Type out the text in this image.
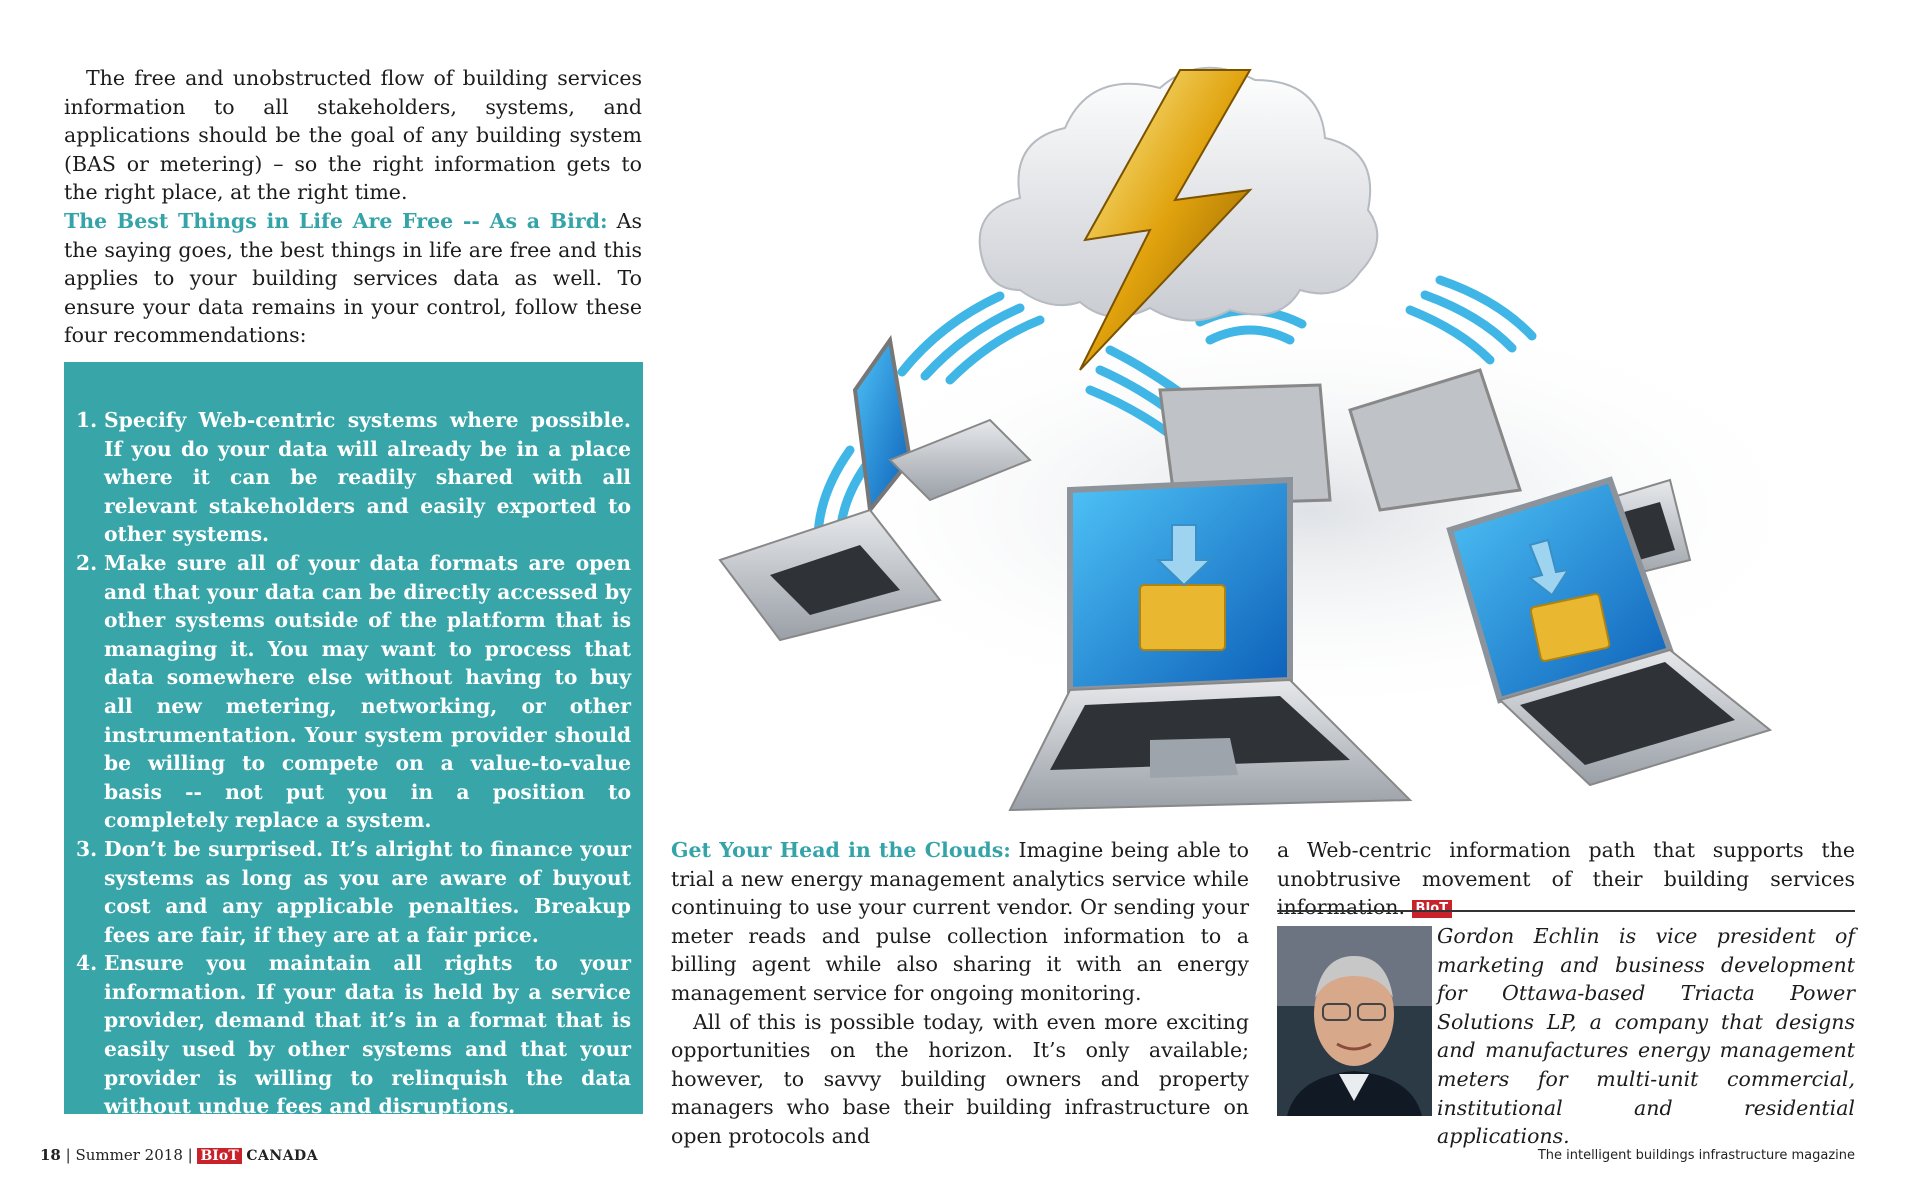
The free and unobstructed flow of building services information to all stakeholders, systems, and applications should be the goal of any building system (BAS or metering) – so the right information gets to the right place, at the right time.

The Best Things in Life Are Free -- As a Bird: As the saying goes, the best things in life are free and this applies to your building services data as well. To ensure your data remains in your control, follow these four recommendations:

1. Specify Web-centric systems where possible. If you do your data will already be in a place where it can be readily shared with all relevant stakeholders and easily exported to other systems.
2. Make sure all of your data formats are open and that your data can be directly accessed by other systems outside of the platform that is managing it. You may want to process that data somewhere else without having to buy all new metering, networking, or other instrumentation. Your system provider should be willing to compete on a value-to-value basis -- not put you in a position to completely replace a system.
3. Don’t be surprised. It’s alright to finance your systems as long as you are aware of buyout cost and any applicable penalties. Breakup fees are fair, if they are at a fair price.
4. Ensure you maintain all rights to your information. If your data is held by a service provider, demand that it’s in a format that is easily used by other systems and that your provider is willing to relinquish the data without undue fees and disruptions.

Get Your Head in the Clouds: Imagine being able to trial a new energy management analytics service while continuing to use your current vendor. Or sending your meter reads and pulse collection information to a billing agent while also sharing it with an energy management service for ongoing monitoring.

All of this is possible today, with even more exciting opportunities on the horizon. It’s only available; however, to savvy building owners and property managers who base their building infrastructure on open protocols and

a Web-centric information path that supports the unobtrusive movement of their building services information. BIoT

Gordon Echlin is vice president of marketing and business development for Ottawa-based Triacta Power Solutions LP, a company that designs and manufactures energy management meters for multi-unit commercial, institutional and residential applications.

18 | Summer 2018 | BIoT CANADA	The intelligent buildings infrastructure magazine
